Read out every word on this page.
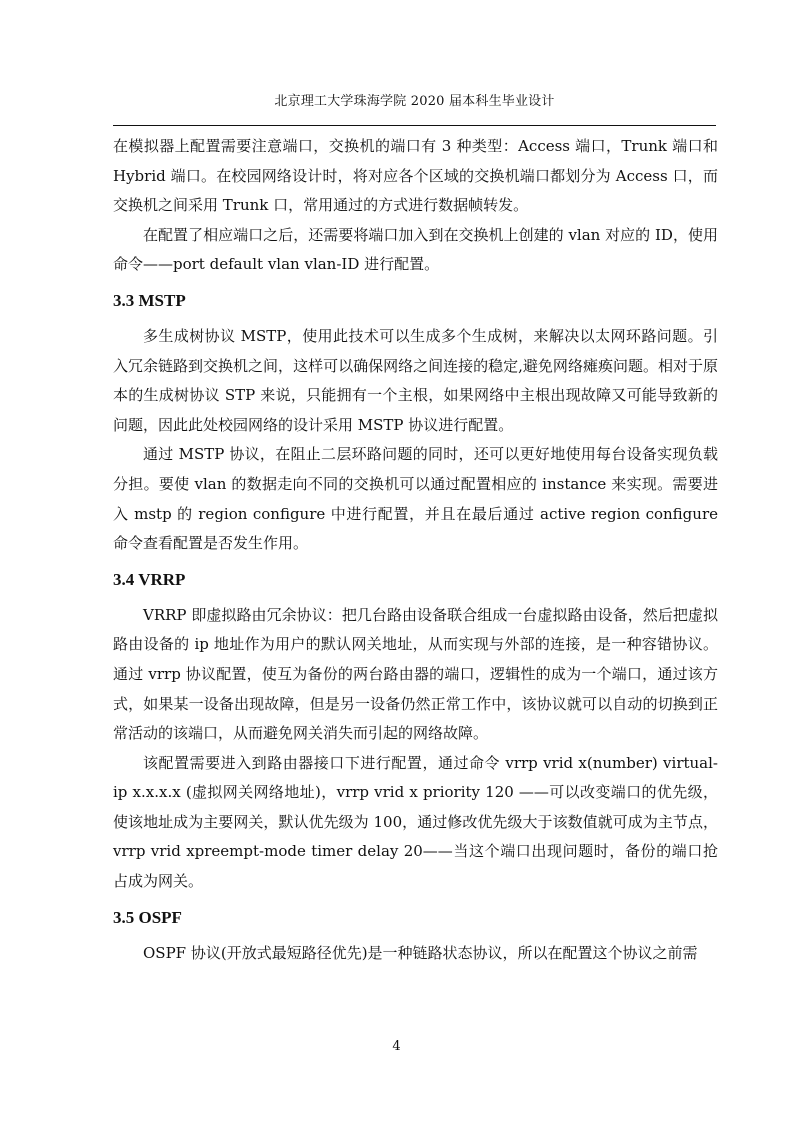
北京理工大学珠海学院 2020 届本科生毕业设计

在模拟器上配置需要注意端口，交换机的端口有 3 种类型：Access 端口，Trunk 端口和 Hybrid 端口。在校园网络设计时，将对应各个区域的交换机端口都划分为 Access 口，而交换机之间采用 Trunk 口，常用通过的方式进行数据帧转发。

在配置了相应端口之后，还需要将端口加入到在交换机上创建的 vlan 对应的 ID，使用命令——port default vlan vlan-ID 进行配置。

3.3 MSTP

多生成树协议 MSTP，使用此技术可以生成多个生成树，来解决以太网环路问题。引入冗余链路到交换机之间，这样可以确保网络之间连接的稳定,避免网络瘫痪问题。相对于原本的生成树协议 STP 来说，只能拥有一个主根，如果网络中主根出现故障又可能导致新的问题，因此此处校园网络的设计采用 MSTP 协议进行配置。

通过 MSTP 协议，在阻止二层环路问题的同时，还可以更好地使用每台设备实现负载分担。要使 vlan 的数据走向不同的交换机可以通过配置相应的 instance 来实现。需要进入 mstp 的 region configure 中进行配置，并且在最后通过 active region configure 命令查看配置是否发生作用。

3.4 VRRP

VRRP 即虚拟路由冗余协议：把几台路由设备联合组成一台虚拟路由设备，然后把虚拟路由设备的 ip 地址作为用户的默认网关地址，从而实现与外部的连接，是一种容错协议。通过 vrrp 协议配置，使互为备份的两台路由器的端口，逻辑性的成为一个端口，通过该方式，如果某一设备出现故障，但是另一设备仍然正常工作中，该协议就可以自动的切换到正常活动的该端口，从而避免网关消失而引起的网络故障。

该配置需要进入到路由器接口下进行配置，通过命令 vrrp vrid x(number) virtual-ip x.x.x.x (虚拟网关网络地址)，vrrp vrid x priority 120 ——可以改变端口的优先级，使该地址成为主要网关，默认优先级为 100，通过修改优先级大于该数值就可成为主节点，vrrp vrid xpreempt-mode timer delay 20——当这个端口出现问题时，备份的端口抢占成为网关。

3.5 OSPF

OSPF 协议(开放式最短路径优先)是一种链路状态协议，所以在配置这个协议之前需

4
